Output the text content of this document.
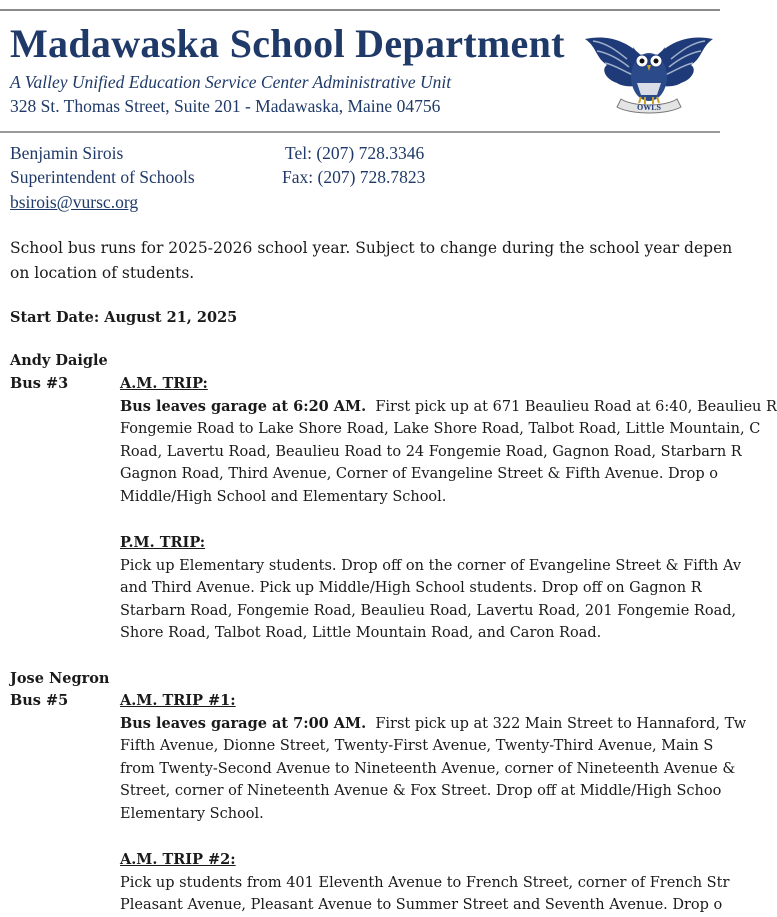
Madawaska School Department
A Valley Unified Education Service Center Administrative Unit
328 St. Thomas Street, Suite 201 - Madawaska, Maine 04756	OWLS
Benjamin Sirois
Superintendent of Schools
bsirois@vursc.org
Tel: (207) 728.3346
Fax: (207) 728.7823
School bus runs for 2025-2026 school year. Subject to change during the school year depen
on location of students.
Start Date: August 21, 2025
Andy Daigle
Bus #3	A.M. TRIP:
Bus leaves garage at 6:20 AM.  First pick up at 671 Beaulieu Road at 6:40, Beaulieu R
Fongemie Road to Lake Shore Road, Lake Shore Road, Talbot Road, Little Mountain, C
Road, Lavertu Road, Beaulieu Road to 24 Fongemie Road, Gagnon Road, Starbarn R
Gagnon Road, Third Avenue, Corner of Evangeline Street & Fifth Avenue. Drop o
Middle/High School and Elementary School.
P.M. TRIP:
Pick up Elementary students. Drop off on the corner of Evangeline Street & Fifth Av
and Third Avenue. Pick up Middle/High School students. Drop off on Gagnon R
Starbarn Road, Fongemie Road, Beaulieu Road, Lavertu Road, 201 Fongemie Road,
Shore Road, Talbot Road, Little Mountain Road, and Caron Road.
Jose Negron
Bus #5	A.M. TRIP #1:
Bus leaves garage at 7:00 AM.  First pick up at 322 Main Street to Hannaford, Tw
Fifth Avenue, Dionne Street, Twenty-First Avenue, Twenty-Third Avenue, Main S
from Twenty-Second Avenue to Nineteenth Avenue, corner of Nineteenth Avenue &
Street, corner of Nineteenth Avenue & Fox Street. Drop off at Middle/High Schoo
Elementary School.
A.M. TRIP #2:
Pick up students from 401 Eleventh Avenue to French Street, corner of French Str
Pleasant Avenue, Pleasant Avenue to Summer Street and Seventh Avenue. Drop o
